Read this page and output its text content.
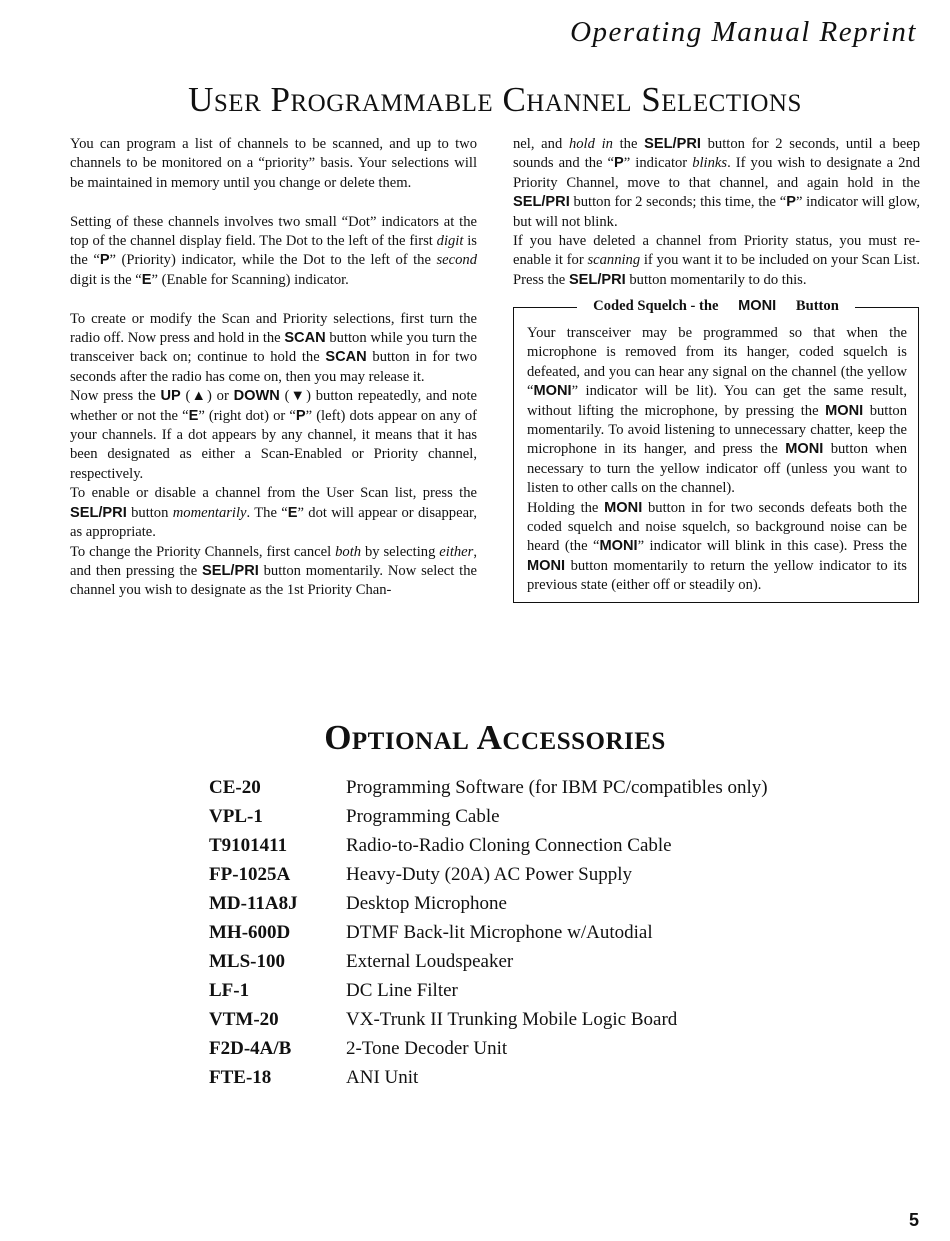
Operating Manual Reprint
User Programmable Channel Selections

You can program a list of channels to be scanned, and up to two channels to be monitored on a “priority” basis. Your selections will be maintained in memory until you change or delete them.

Setting of these channels involves two small “Dot” indicators at the top of the channel display field. The Dot to the left of the first digit is the “P” (Priority) indicator, while the Dot to the left of the second digit is the “E” (Enable for Scanning) indicator.

To create or modify the Scan and Priority selections, first turn the radio off. Now press and hold in the SCAN button while you turn the transceiver back on; continue to hold the SCAN button in for two seconds after the radio has come on, then you may release it.

Now press the UP (▲) or DOWN (▼) button repeatedly, and note whether or not the “E” (right dot) or “P” (left) dots appear on any of your channels. If a dot appears by any channel, it means that it has been designated as either a Scan-Enabled or Priority channel, respectively.

To enable or disable a channel from the User Scan list, press the SEL/PRI button momentarily. The “E” dot will appear or disappear, as appropriate.

To change the Priority Channels, first cancel both by selecting either, and then pressing the SEL/PRI button momentarily. Now select the channel you wish to designate as the 1st Priority Chan-

nel, and hold in the SEL/PRI button for 2 seconds, until a beep sounds and the “P” indicator blinks. If you wish to designate a 2nd Priority Channel, move to that channel, and again hold in the SEL/PRI button for 2 seconds; this time, the “P” indicator will glow, but will not blink.

If you have deleted a channel from Priority status, you must re-enable it for scanning if you want it to be included on your Scan List. Press the SEL/PRI button momentarily to do this.

Coded Squelch - the MONI Button

Your transceiver may be programmed so that when the microphone is removed from its hanger, coded squelch is defeated, and you can hear any signal on the channel (the yellow “MONI” indicator will be lit). You can get the same result, without lifting the microphone, by pressing the MONI button momentarily. To avoid listening to unnecessary chatter, keep the microphone in its hanger, and press the MONI button when necessary to turn the yellow indicator off (unless you want to listen to other calls on the channel).

Holding the MONI button in for two seconds defeats both the coded squelch and noise squelch, so background noise can be heard (the “MONI” indicator will blink in this case). Press the MONI button momentarily to return the yellow indicator to its previous state (either off or steadily on).

Optional Accessories
CE-20	Programming Software (for IBM PC/compatibles only)
VPL-1	Programming Cable
T9101411	Radio-to-Radio Cloning Connection Cable
FP-1025A	Heavy-Duty (20A) AC Power Supply
MD-11A8J	Desktop Microphone
MH-600D	DTMF Back-lit Microphone w/Autodial
MLS-100	External Loudspeaker
LF-1	DC Line Filter
VTM-20	VX-Trunk II Trunking Mobile Logic Board
F2D-4A/B	2-Tone Decoder Unit
FTE-18	ANI Unit
5
